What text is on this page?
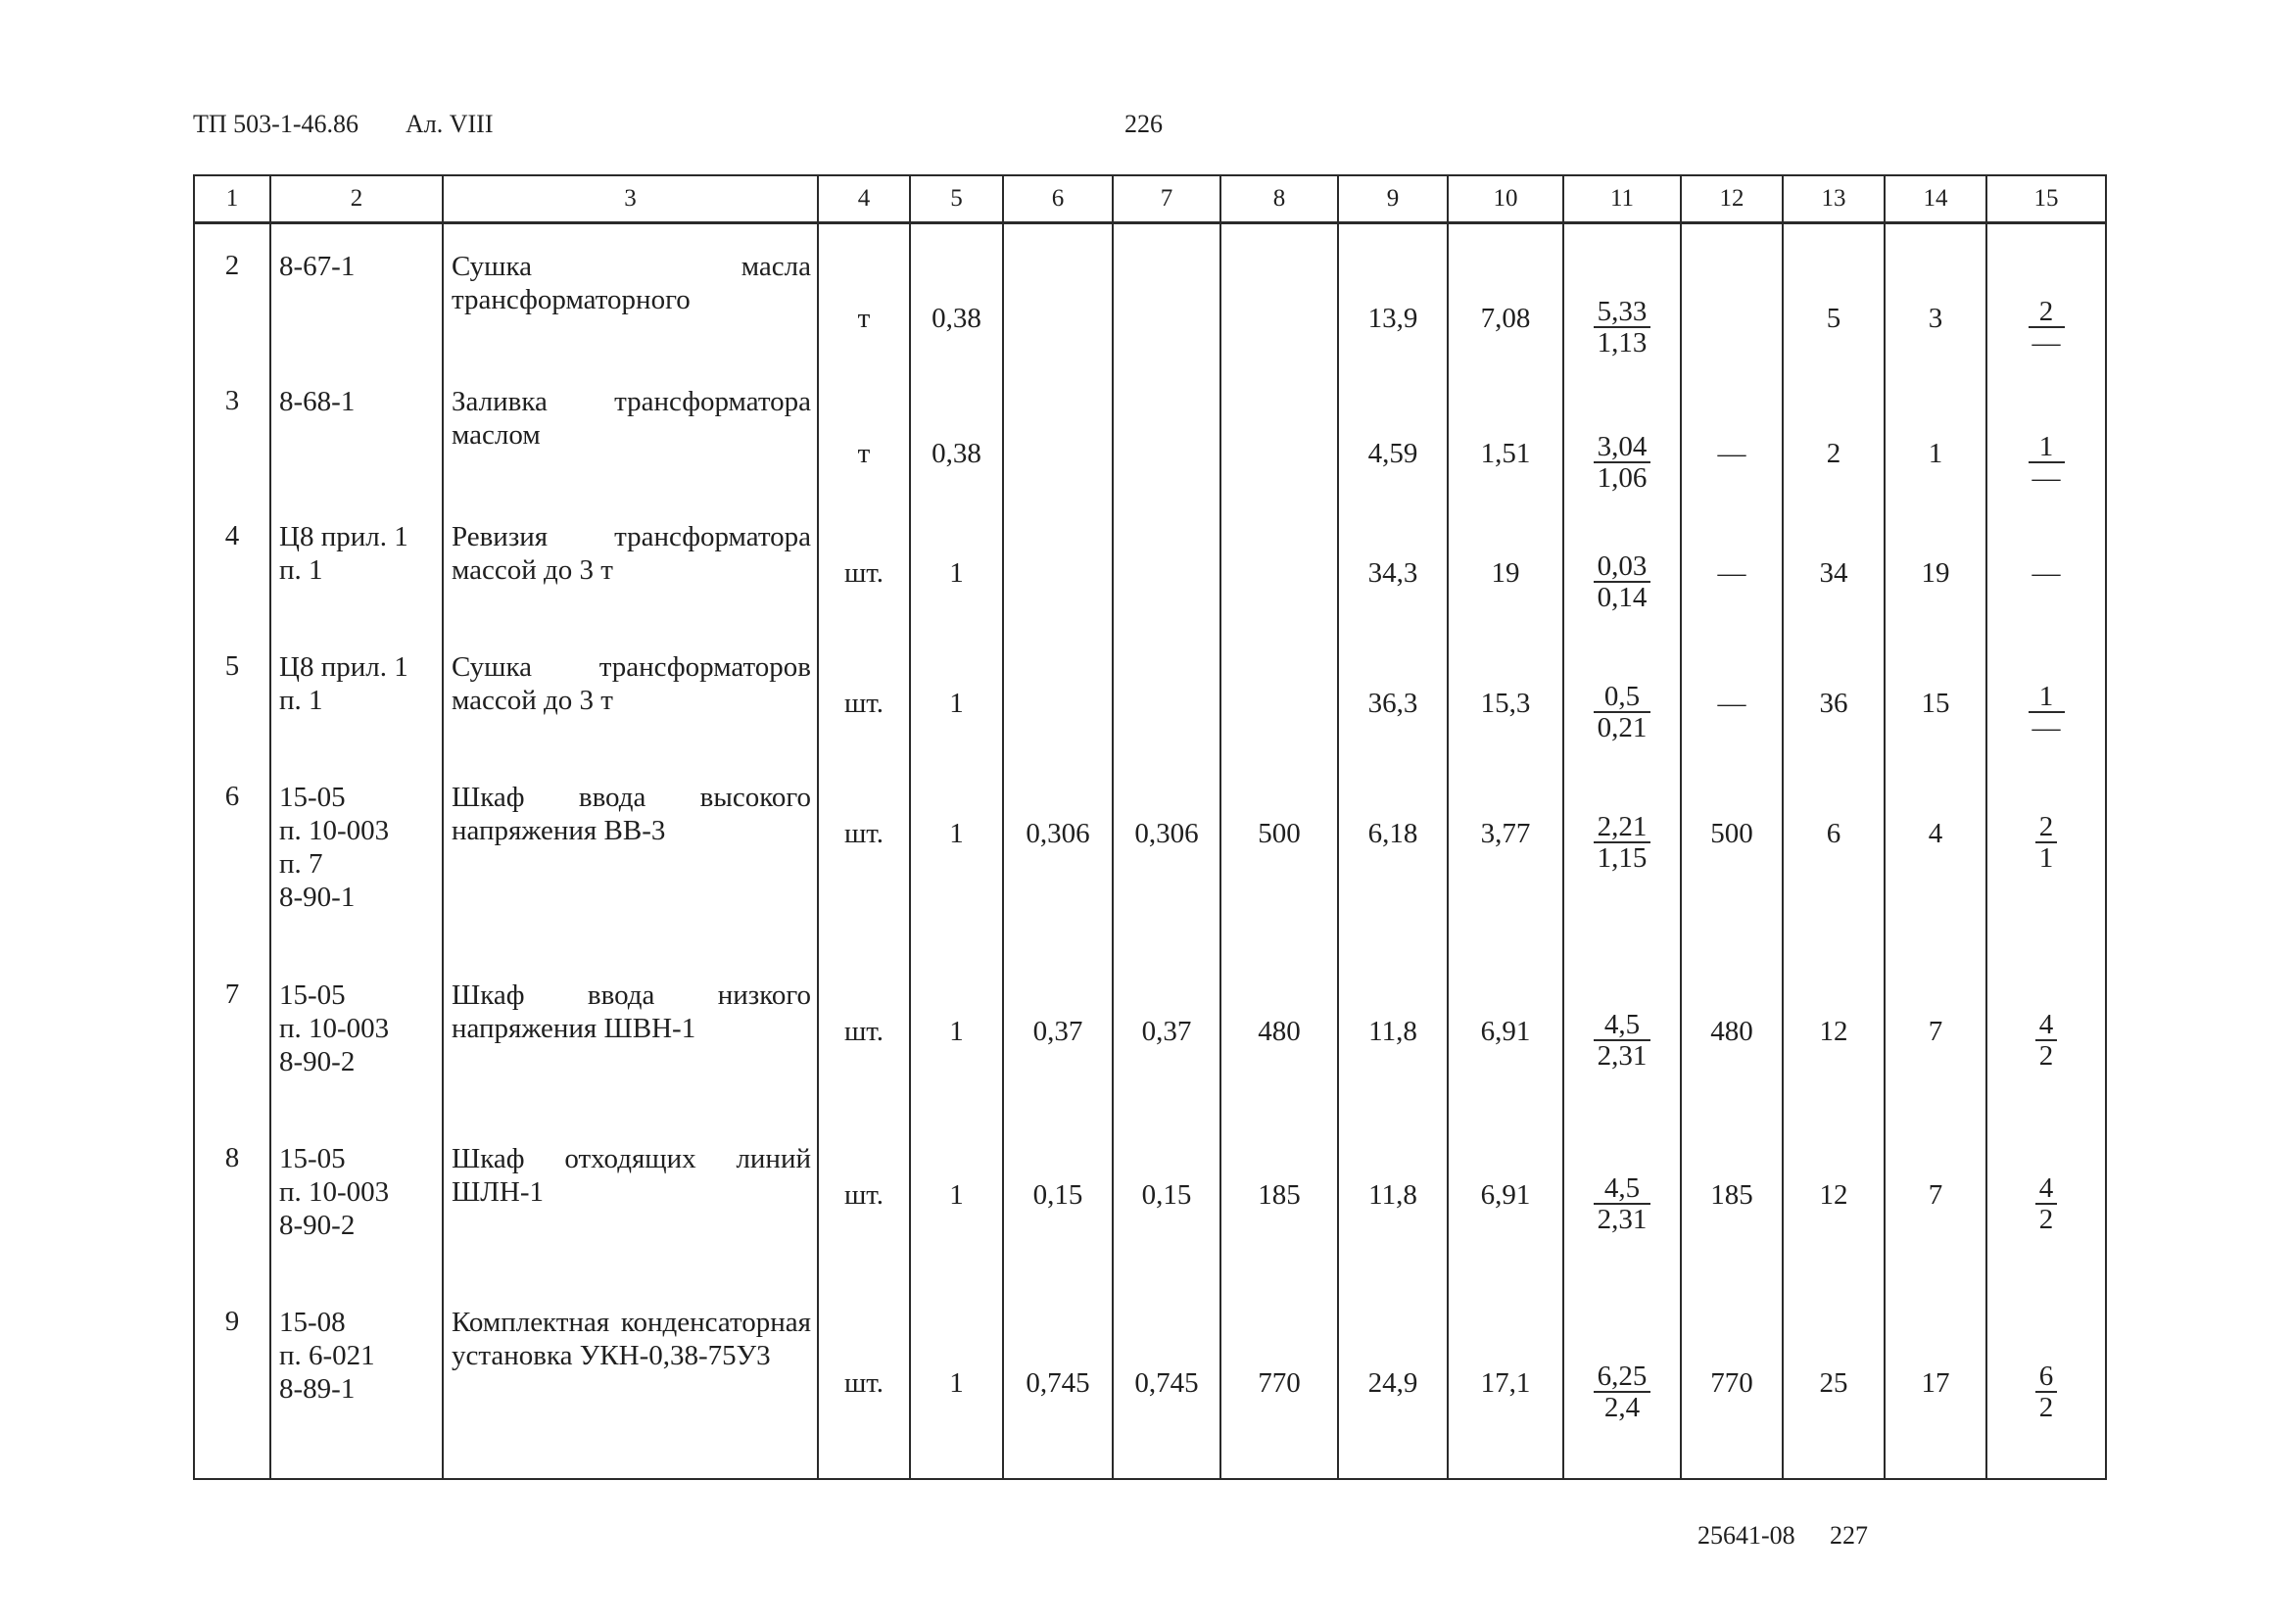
ТП 503-1-46.86 Ал. VIII	226
1	2	3	4	5	6	7	8	9	10	11	12	13	14	15

2	8-67-1	Сушка масла трансформаторного	т	0,38				13,9	7,08	$\frac{5,33}{1,13}$		5	3	$\frac{2}{—}$

3	8-68-1	Заливка трансформатора маслом	т	0,38				4,59	1,51	$\frac{3,04}{1,06}$	—	2	1	$\frac{1}{—}$

4	Ц8 прил. 1
п. 1	Ревизия трансформатора массой до 3 т	шт.	1				34,3	19	$\frac{0,03}{0,14}$	—	34	19	—

5	Ц8 прил. 1
п. 1	Сушка трансформаторов массой до 3 т	шт.	1				36,3	15,3	$\frac{0,5}{0,21}$	—	36	15	$\frac{1}{—}$

6	15-05
п. 10-003
п. 7
8-90-1	Шкаф ввода высокого напряжения ВВ-3	шт.	1	0,306	0,306	500	6,18	3,77	$\frac{2,21}{1,15}$	500	6	4	$\frac{2}{1}$

7	15-05
п. 10-003
8-90-2	Шкаф ввода низкого напряжения ШВН-1	шт.	1	0,37	0,37	480	11,8	6,91	$\frac{4,5}{2,31}$	480	12	7	$\frac{4}{2}$

8	15-05
п. 10-003
8-90-2	Шкаф отходящих линий ШЛН-1	шт.	1	0,15	0,15	185	11,8	6,91	$\frac{4,5}{2,31}$	185	12	7	$\frac{4}{2}$

9	15-08
п. 6-021
8-89-1	Комплектная конденсаторная установка УКН-0,38-75У3	шт.	1	0,745	0,745	770	24,9	17,1	$\frac{6,25}{2,4}$	770	25	17	$\frac{6}{2}$
25641-08 227
